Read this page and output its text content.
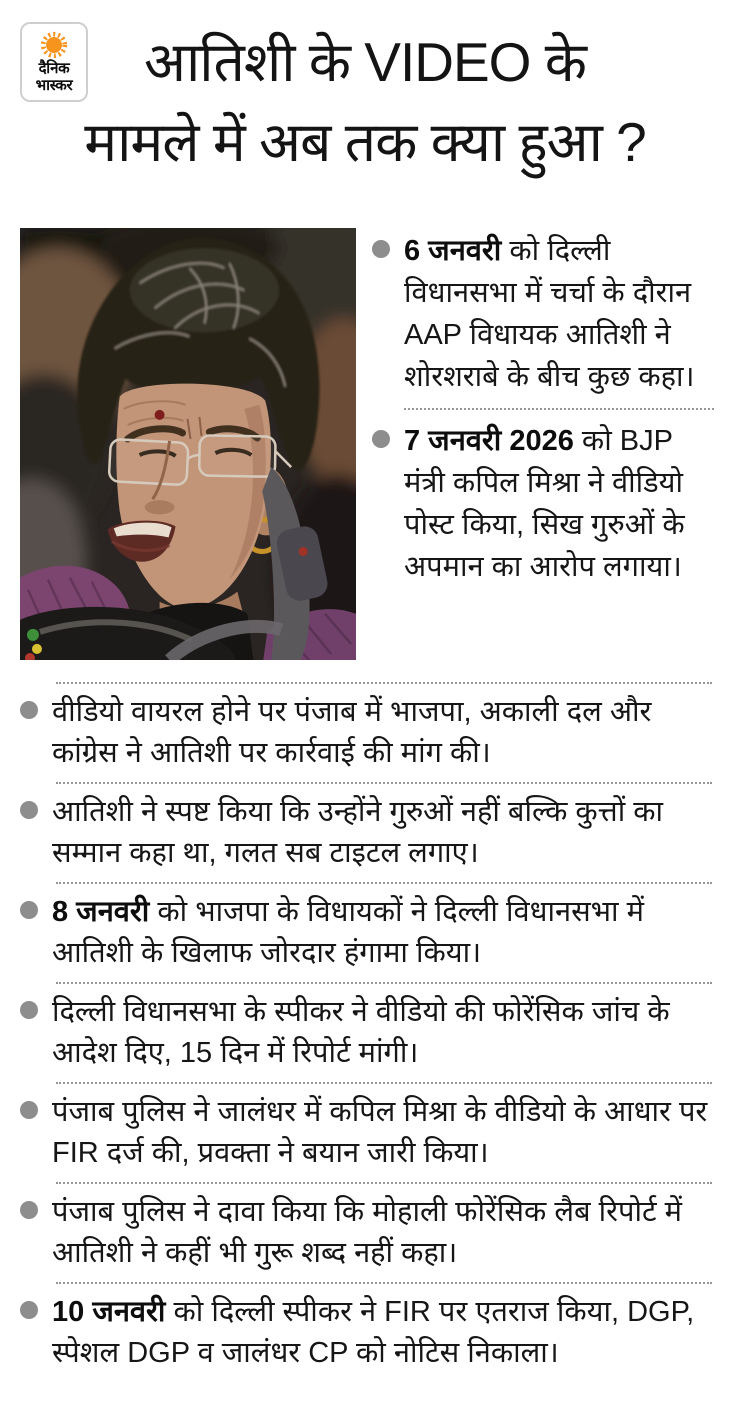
दैनिक
भास्कर	आतिशी के VIDEO के
मामले में अब तक क्या हुआ ?

6 जनवरी को दिल्ली विधानसभा में चर्चा के दौरान AAP विधायक आतिशी ने शोरशराबे के बीच कुछ कहा।

7 जनवरी 2026 को BJP मंत्री कपिल मिश्रा ने वीडियो पोस्ट किया, सिख गुरुओं के अपमान का आरोप लगाया।

वीडियो वायरल होने पर पंजाब में भाजपा, अकाली दल और कांग्रेस ने आतिशी पर कार्रवाई की मांग की।

आतिशी ने स्पष्ट किया कि उन्होंने गुरुओं नहीं बल्कि कुत्तों का सम्मान कहा था, गलत सब टाइटल लगाए।

8 जनवरी को भाजपा के विधायकों ने दिल्ली विधानसभा में आतिशी के खिलाफ जोरदार हंगामा किया।

दिल्ली विधानसभा के स्पीकर ने वीडियो की फोरेंसिक जांच के आदेश दिए, 15 दिन में रिपोर्ट मांगी।

पंजाब पुलिस ने जालंधर में कपिल मिश्रा के वीडियो के आधार पर FIR दर्ज की, प्रवक्ता ने बयान जारी किया।

पंजाब पुलिस ने दावा किया कि मोहाली फोरेंसिक लैब रिपोर्ट में आतिशी ने कहीं भी गुरू शब्द नहीं कहा।

10 जनवरी को दिल्ली स्पीकर ने FIR पर एतराज किया, DGP, स्पेशल DGP व जालंधर CP को नोटिस निकाला।
